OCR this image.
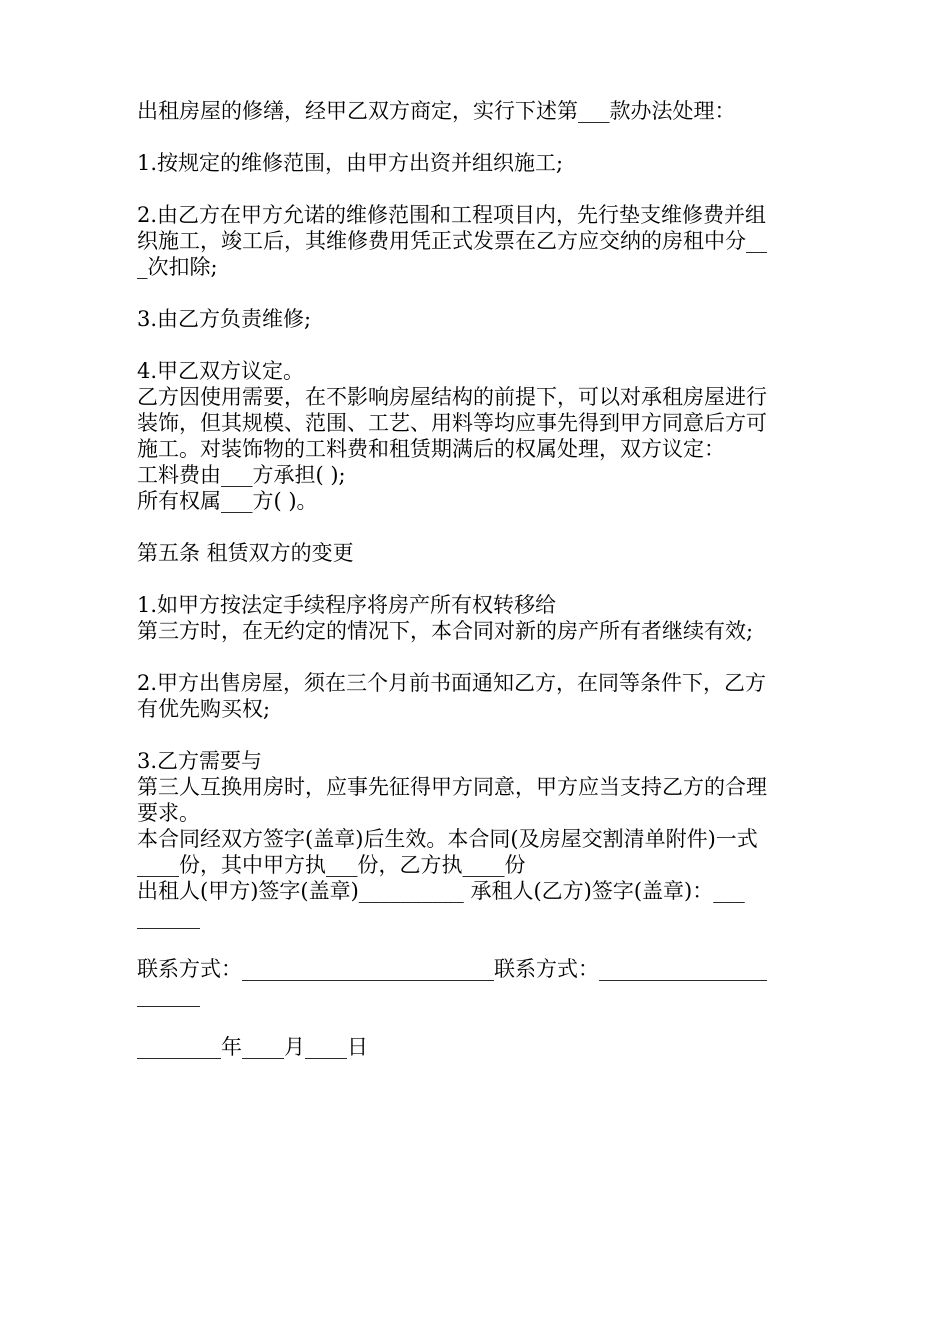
出租房屋的修缮，经甲乙双方商定，实行下述第___款办法处理：
1.按规定的维修范围，由甲方出资并组织施工;
2.由乙方在甲方允诺的维修范围和工程项目内，先行垫支维修费并组
织施工，竣工后，其维修费用凭正式发票在乙方应交纳的房租中分__
_次扣除;
3.由乙方负责维修;
4.甲乙双方议定。
乙方因使用需要，在不影响房屋结构的前提下，可以对承租房屋进行
装饰，但其规模、范围、工艺、用料等均应事先得到甲方同意后方可
施工。对装饰物的工料费和租赁期满后的权属处理，双方议定：
工料费由___方承担( );
所有权属___方( )。
第五条 租赁双方的变更
1.如甲方按法定手续程序将房产所有权转移给
第三方时，在无约定的情况下，本合同对新的房产所有者继续有效;
2.甲方出售房屋，须在三个月前书面通知乙方，在同等条件下，乙方
有优先购买权;
3.乙方需要与
第三人互换用房时，应事先征得甲方同意，甲方应当支持乙方的合理
要求。
本合同经双方签字(盖章)后生效。本合同(及房屋交割清单附件)一式
____份，其中甲方执___份，乙方执____份
出租人(甲方)签字(盖章)__________ 承租人(乙方)签字(盖章)：___
______
联系方式：________________________联系方式：________________
______
________年____月____日
